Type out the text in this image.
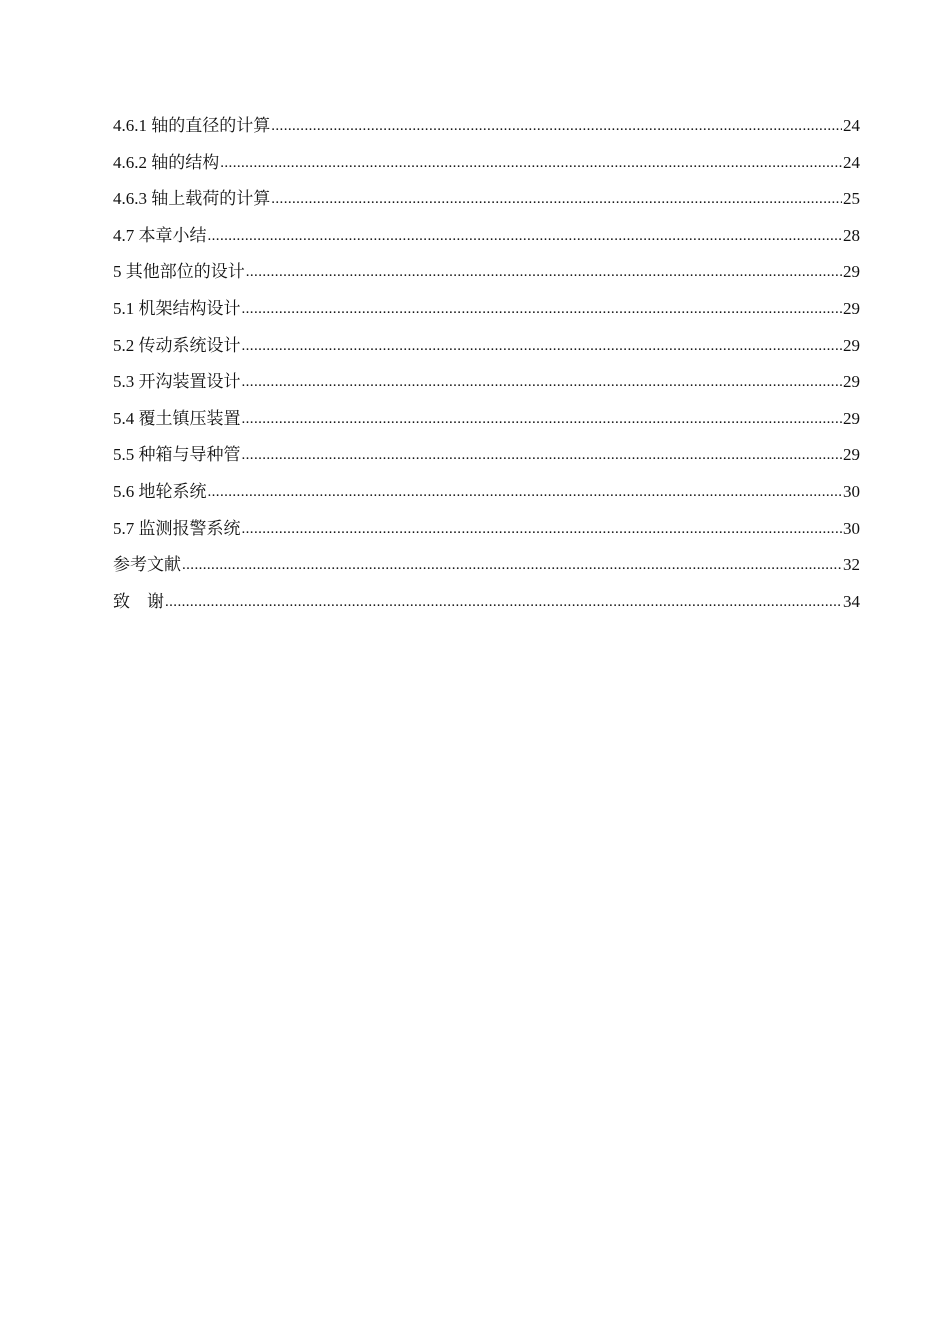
4.6.1 轴的直径的计算 .....	24
4.6.2 轴的结构 .....	24
4.6.3 轴上载荷的计算 .....	25
4.7 本章小结 .....	28
5 其他部位的设计 .....	29
5.1 机架结构设计 .....	29
5.2 传动系统设计 .....	29
5.3 开沟装置设计 .....	29
5.4 覆土镇压装置 .....	29
5.5 种箱与导种管 .....	29
5.6 地轮系统 .....	30
5.7 监测报警系统 .....	30
参考文献 .....	32
致    谢 .....	34
